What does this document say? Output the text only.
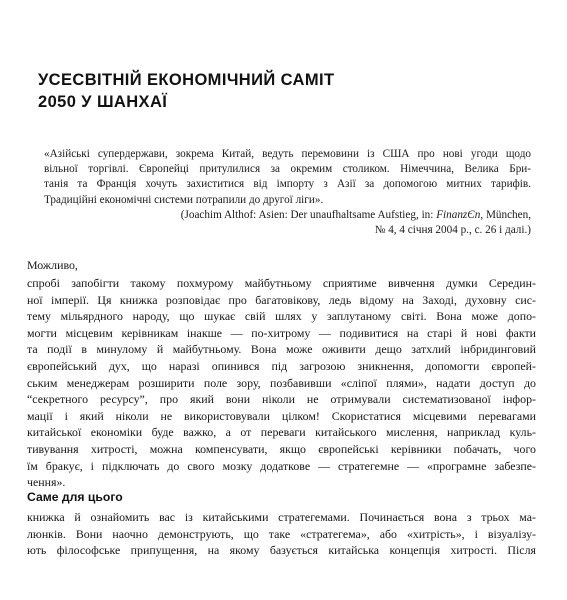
УСЕСВІТНІЙ ЕКОНОМІЧНИЙ САМІТ
2050 У ШАНХАЇ
«Азійські супердержави, зокрема Китай, ведуть перемовини із США про нові угоди щодо
вільної торгівлі. Європейці притулилися за окремим столиком. Німеччина, Велика Бри-
танія та Франція хочуть захиститися від імпорту з Азії за допомогою митних тарифів.
Традиційні економічні системи потрапили до другої ліги».
(Joachim Althof: Asien: Der unaufhaltsame Aufstieg, in: FinanzЄn, München,
№ 4, 4 січня 2004 р., с. 26 і далі.)

Можливо,

спробі запобігти такому похмурому майбутньому сприятиме вивчення думки Середин-
ної імперії. Ця книжка розповідає про багатовікову, ледь відому на Заході, духовну сис-
тему мільярдного народу, що шукає свій шлях у заплутаному світі. Вона може допо-
могти місцевим керівникам інакше — по-хитрому — подивитися на старі й нові факти
та події в минулому й майбутньому. Вона може оживити дещо затхлий інбридинговий
європейський дух, що наразі опинився під загрозою зникнення, допомогти європей-
ським менеджерам розширити поле зору, позбавивши «сліпої плями», надати доступ до
“секретного ресурсу”, про який вони ніколи не отримували систематизованої інфор-
мації і який ніколи не використовували цілком! Скористатися місцевими перевагами
китайської економіки буде важко, а от переваги китайського мислення, наприклад куль-
тивування хитрості, можна компенсувати, якщо європейські керівники побачать, чого
їм бракує, і підключать до свого мозку додаткове — стратегемне — «програмне забезпе-
чення».
Саме для цього
книжка й ознайомить вас із китайськими стратегемами. Починається вона з трьох ма-
люнків. Вони наочно демонструють, що таке «стратегема», або «хитрість», і візуалізу-
ють філософське припущення, на якому базується китайська концепція хитрості. Після
